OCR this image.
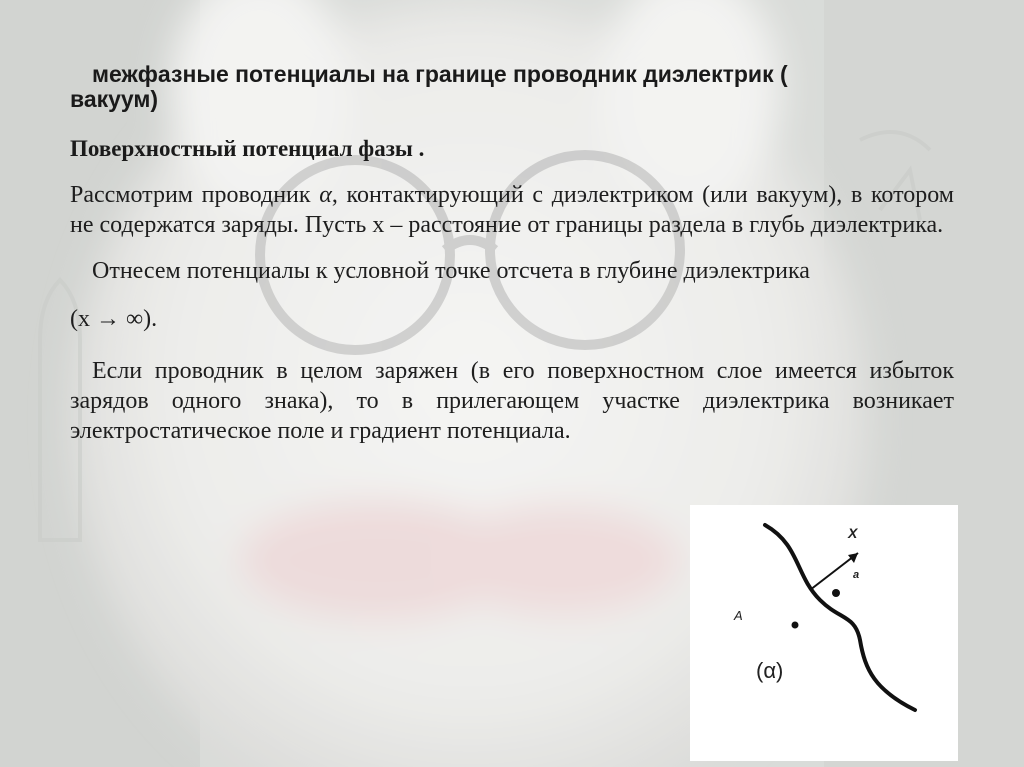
межфазные потенциалы на границе проводник диэлектрик (
вакуум)
Поверхностный потенциал фазы .
Рассмотрим проводник α, контактирующий с диэлектриком (или вакуум), в котором не содержатся заряды. Пусть x – расстояние от границы раздела в глубь диэлектрика.
Отнесем потенциалы к условной точке отсчета в глубине диэлектрика
(x → ∞).
Если проводник в целом заряжен (в его поверхностном слое имеется избыток зарядов одного знака), то в прилегающем участке диэлектрика возникает электростатическое поле и градиент потенциала.
X
a
A
(α)
